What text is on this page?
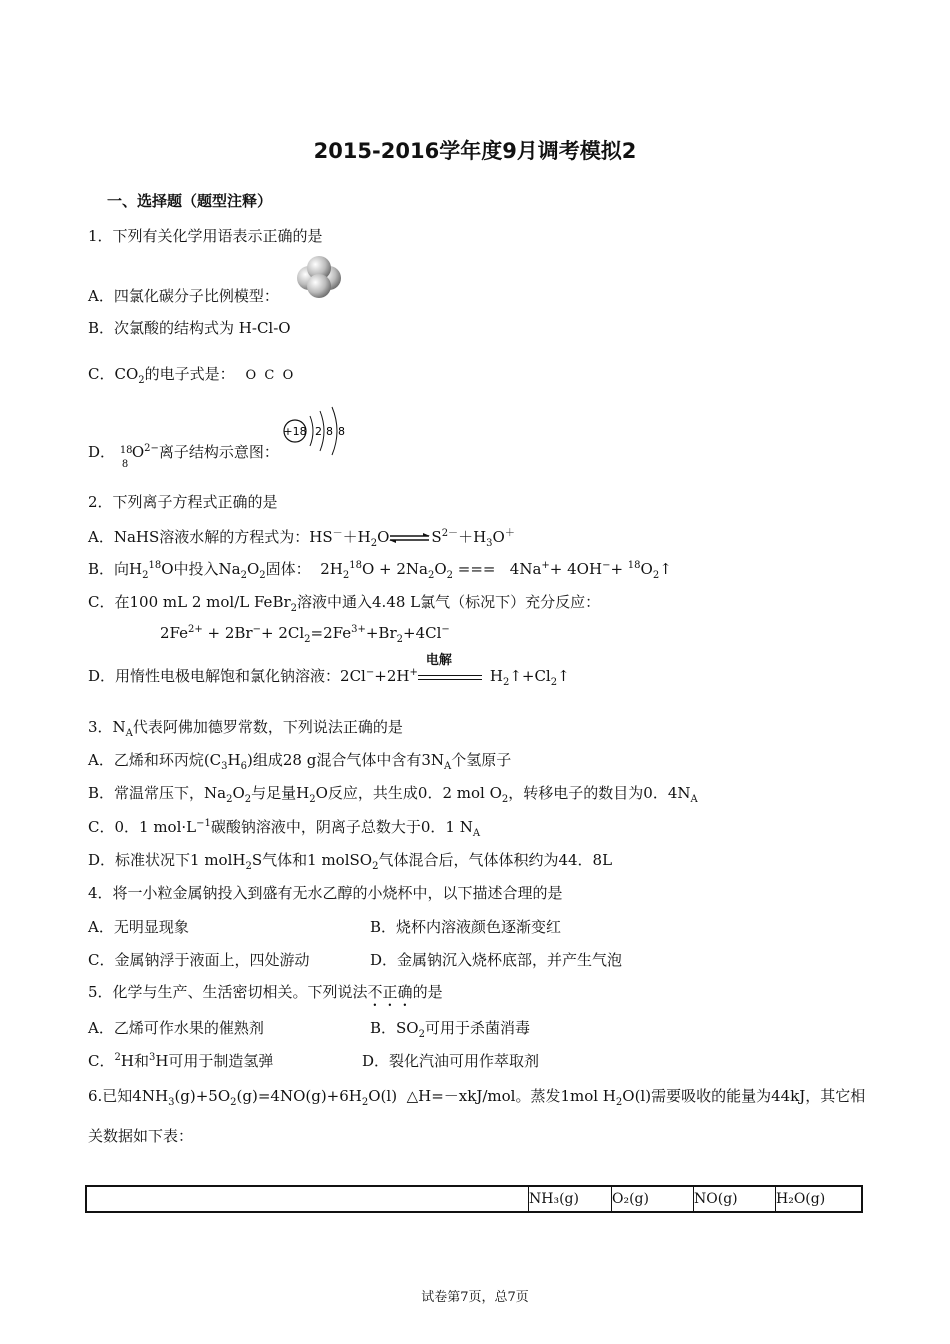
2015-2016学年度9月调考模拟2
一、选择题（题型注释）
1．下列有关化学用语表示正确的是
A．四氯化碳分子比例模型：
B．次氯酸的结构式为 H-Cl-O
C．$CO_2$的电子式是： O  C  O
D． 18
8
$O^{2-}$离子结构示意图：
+18 2 8 8
2．下列离子方程式正确的是
A．NaHS溶液水解的方程式为：$HS^-+H_2O\rightleftharpoons S^{2-}+H_3O^+$
B．向$H_2^{18}O$中投入$Na_2O_2$固体：  $2H_2^{18}O + 2Na_2O_2$ ===   $4Na^++ 4OH^-+ ^{18}O_2↑$
C．在100 mL 2 mol/L FeBr$_2$溶液中通入4.48 L氯气（标况下）充分反应：
$2Fe^{2+} + 2Br^-+ 2Cl_2=2Fe^{3+}+Br_2+4Cl^-$
D．用惰性电极电解饱和氯化钠溶液：2Cl−+2H+
电解
$H_2↑+Cl_2↑$
3．$N_A$代表阿佛加德罗常数，下列说法正确的是
A．乙烯和环丙烷$(C_3H_6)$组成28 g混合气体中含有$3N_A$个氢原子
B．常温常压下，$Na_2O_2$与足量$H_2O$反应，共生成0．2 mol $O_2$，转移电子的数目为0．$4N_A$
C．0．1 $mol\cdot L^{-1}$碳酸钠溶液中，阴离子总数大于0．1 $N_A$
D．标准状况下1 molH$_2$S气体和1 molSO$_2$气体混合后，气体体积约为44．8L
4．将一小粒金属钠投入到盛有无水乙醇的小烧杯中，以下描述合理的是
A．无明显现象	B．烧杯内溶液颜色逐渐变红
C．金属钠浮于液面上，四处游动	D．金属钠沉入烧杯底部，并产生气泡
5．化学与生产、生活密切相关。下列说法不正确的是
A．乙烯可作水果的催熟剂	B．$SO_2$可用于杀菌消毒
C．$^2$H和$^3$H可用于制造氢弹	D．裂化汽油可用作萃取剂
6.已知$4NH_3(g)+5O_2(g)=4NO(g)+6H_2O(l)$  △H=－xkJ/mol。蒸发1mol $H_2O(l)$需要吸收的能量为44kJ，其它相
关数据如下表：
NH₃(g)	O₂(g)	NO(g)	H₂O(g)
试卷第7页，总7页
